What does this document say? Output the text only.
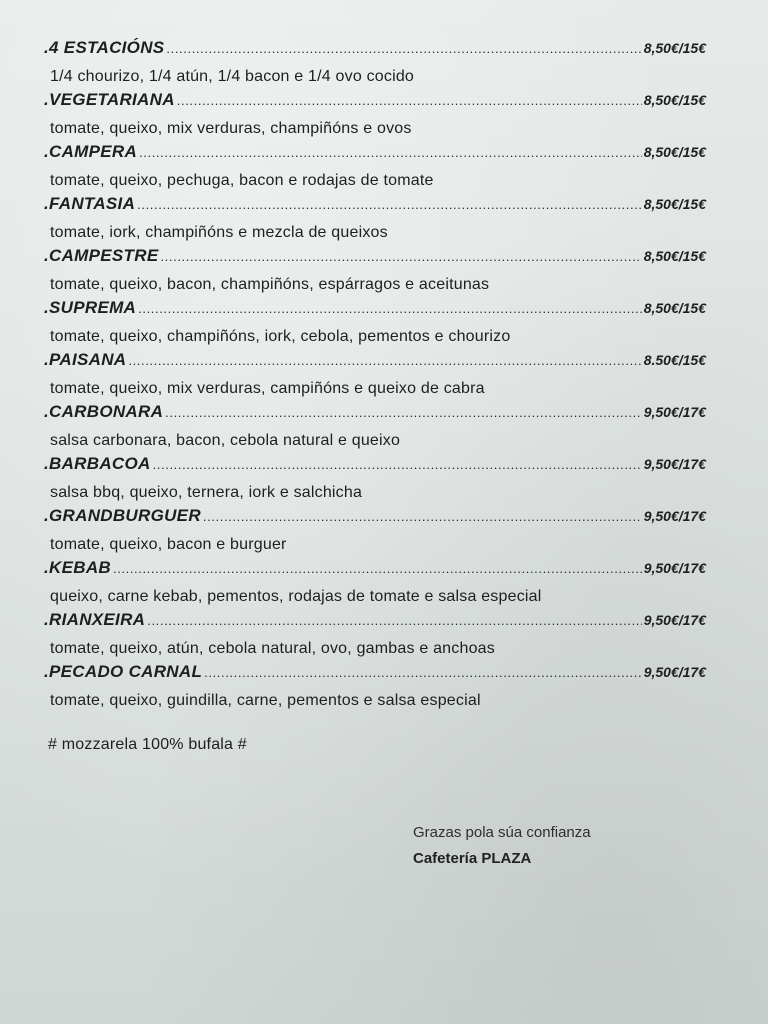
.4 ESTACIÓNS .....	8,50€/15€
1/4 chourizo, 1/4 atún, 1/4 bacon e 1/4 ovo cocido
.VEGETARIANA .....	8,50€/15€
tomate, queixo, mix verduras, champiñóns e ovos
.CAMPERA .....	8,50€/15€
tomate, queixo, pechuga, bacon e rodajas de tomate
.FANTASIA .....	8,50€/15€
tomate, iork, champiñóns e mezcla de queixos
.CAMPESTRE .....	8,50€/15€
tomate, queixo, bacon, champiñóns, espárragos e aceitunas
.SUPREMA .....	8,50€/15€
tomate, queixo, champiñóns, iork, cebola, pementos e chourizo
.PAISANA .....	8.50€/15€
tomate, queixo, mix verduras, campiñóns e queixo de cabra
.CARBONARA .....	9,50€/17€
salsa carbonara, bacon, cebola natural e queixo
.BARBACOA .....	9,50€/17€
salsa bbq, queixo, ternera, iork e salchicha
.GRANDBURGUER .....	9,50€/17€
tomate, queixo, bacon e burguer
.KEBAB .....	9,50€/17€
queixo, carne kebab, pementos, rodajas de tomate e salsa especial
.RIANXEIRA .....	9,50€/17€
tomate, queixo, atún, cebola natural, ovo, gambas e anchoas
.PECADO CARNAL .....	9,50€/17€
tomate, queixo, guindilla, carne, pementos e salsa especial
# mozzarela 100% bufala #
Grazas pola súa confianza
Cafetería PLAZA
